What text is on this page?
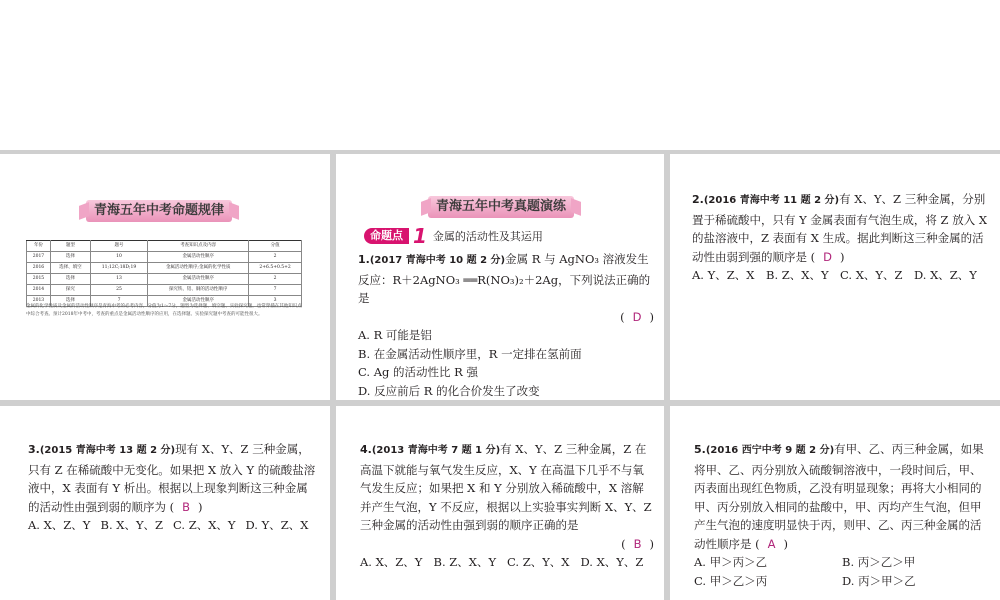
青海五年中考命题规律
年份	题型	题号	考查知识点及内容	分值
2017	选择	10	金属活动性顺序	2
2016	选择、填空	11;12C;18D;19	金属活动性顺序;金属的化学性质	2+6.5+0.5+2
2015	选择	13	金属活动性顺序	2
2014	探究	25	探究铁、铝、铜的活动性顺序	7
2013	选择	7	金属活动性顺序	3
金属的化学性质及金属的活动性顺序是青海中考的必考内容，分值为1～7分，题型为选择题、填空题、实验探究题，也常穿插在其他知识点中综合考查。预计2018年中考中，考查的重点是金属活动性顺序的应用，在选择题、实验探究题中考查的可能性很大。
青海五年中考真题演练
命题点 1 金属的活动性及其运用
1.(2017 青海中考 10 题 2 分)金属 R 与 AgNO₃ 溶液发生反应：R＋2AgNO₃ ══R(NO₃)₂＋2Ag，下列说法正确的是
( D )
A. R 可能是铝
B. 在金属活动性顺序里，R 一定排在氢前面
C. Ag 的活动性比 R 强
D. 反应前后 R 的化合价发生了改变
2.(2016 青海中考 11 题 2 分)有 X、Y、Z 三种金属，分别置于稀硫酸中，只有 Y 金属表面有气泡生成，将 Z 放入 X 的盐溶液中，Z 表面有 X 生成。据此判断这三种金属的活动性由弱到强的顺序是 ( D )
A. Y、Z、X	B. Z、X、Y C. X、Y、Z	D. X、Z、Y
3.(2015 青海中考 13 题 2 分)现有 X、Y、Z 三种金属，只有 Z 在稀硫酸中无变化。如果把 X 放入 Y 的硫酸盐溶液中，X 表面有 Y 析出。根据以上现象判断这三种金属的活动性由强到弱的顺序为 ( B )
A. X、Z、Y B. X、Y、Z C. Z、X、Y D. Y、Z、X
4.(2013 青海中考 7 题 1 分)有 X、Y、Z 三种金属，Z 在高温下就能与氧气发生反应，X、Y 在高温下几乎不与氧气发生反应；如果把 X 和 Y 分别放入稀硫酸中，X 溶解并产生气泡，Y 不反应，根据以上实验事实判断 X、Y、Z 三种金属的活动性由强到弱的顺序正确的是
( B )
A. X、Z、Y B. Z、X、Y C. Z、Y、X D. X、Y、Z
5.(2016 西宁中考 9 题 2 分)有甲、乙、丙三种金属，如果将甲、乙、丙分别放入硫酸铜溶液中，一段时间后，甲、丙表面出现红色物质，乙没有明显现象；再将大小相同的甲、丙分别放入相同的盐酸中，甲、丙均产生气泡，但甲产生气泡的速度明显快于丙，则甲、乙、丙三种金属的活动性顺序是 ( A )
A. 甲＞丙＞乙	B. 丙＞乙＞甲
C. 甲＞乙＞丙	D. 丙＞甲＞乙
